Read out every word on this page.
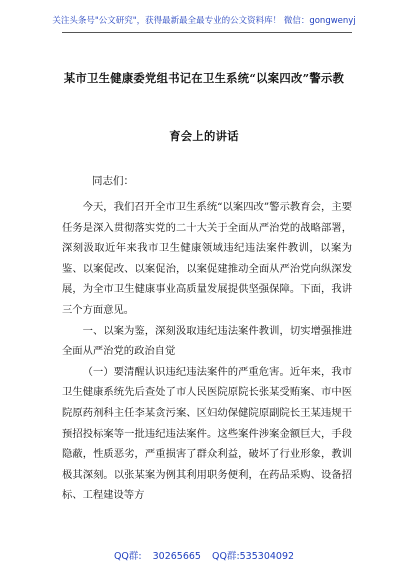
关注头条号"公文研究"，获得最新最全最专业的公文资料库！ 微信：gongwenyj
某市卫生健康委党组书记在卫生系统“以案四改”警示教
育会上的讲话
同志们：

今天，我们召开全市卫生系统“以案四改”警示教育会，主要任务是深入贯彻落实党的二十大关于全面从严治党的战略部署，深刻汲取近年来我市卫生健康领域违纪违法案件教训，以案为鉴、以案促改、以案促治，以案促建推动全面从严治党向纵深发展，为全市卫生健康事业高质量发展提供坚强保障。下面，我讲三个方面意见。

一、以案为鉴，深刻汲取违纪违法案件教训，切实增强推进全面从严治党的政治自觉

（一）要清醒认识违纪违法案件的严重危害。近年来，我市卫生健康系统先后查处了市人民医院原院长张某受贿案、市中医院原药剂科主任李某贪污案、区妇幼保健院原副院长王某违规干预招投标案等一批违纪违法案件。这些案件涉案金额巨大，手段隐蔽，性质恶劣，严重损害了群众利益，破坏了行业形象，教训极其深刻。以张某案为例其利用职务便利，在药品采购、设备招标、工程建设等方

QQ群: 30265665 QQ群:535304092
